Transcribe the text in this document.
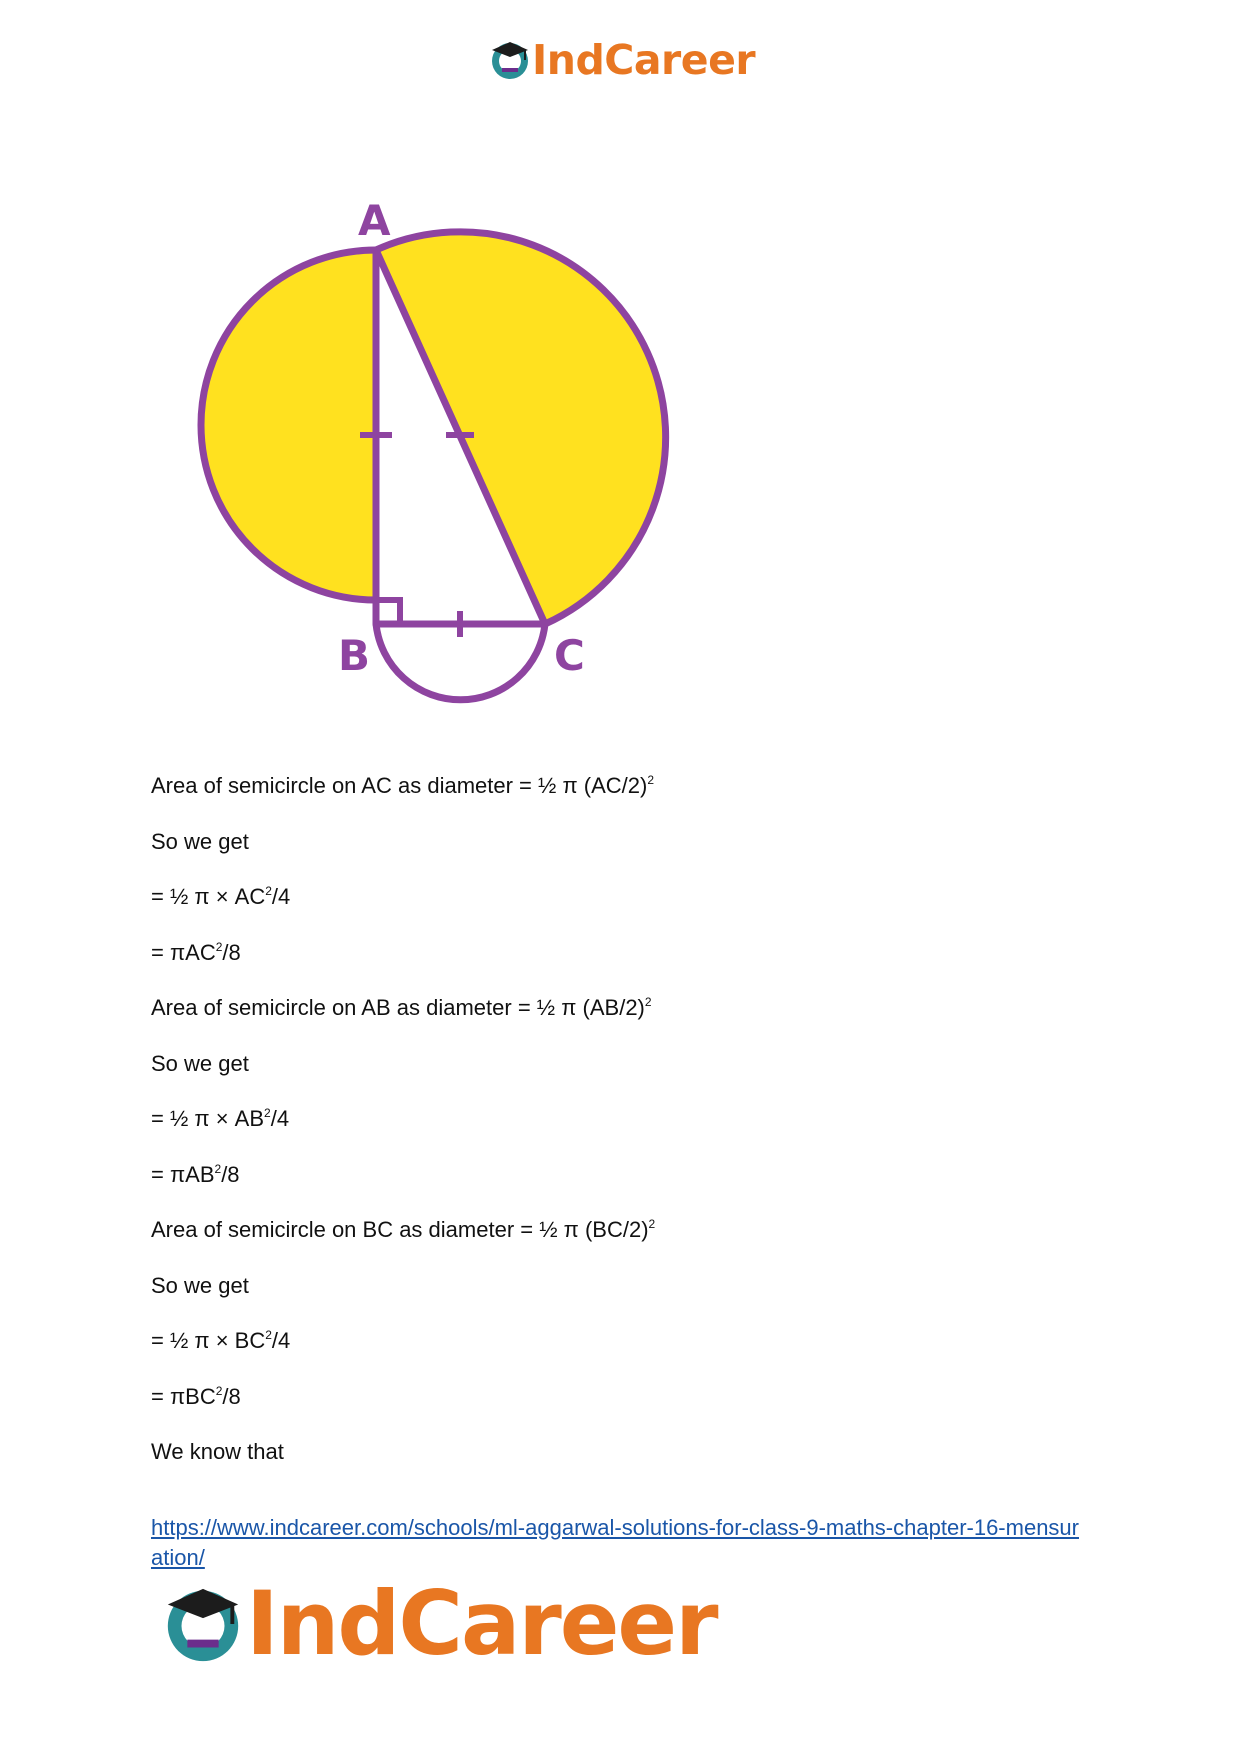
IndCareer
A
B	C
Area of semicircle on AC as diameter = ½ π $(AC/2)^2$
So we get
= ½ $\pi \times AC^2/4$
= πAC$^2$/8
Area of semicircle on AB as diameter = ½ π $(AB/2)^2$
So we get
= ½ $\pi \times AB^2/4$
= πAB$^2$/8
Area of semicircle on BC as diameter = ½ π $(BC/2)^2$
So we get
= ½ $\pi \times BC^2/4$
= πBC$^2$/8
We know that
https://www.indcareer.com/schools/ml-aggarwal-solutions-for-class-9-maths-chapter-16-mensuration/
IndCareer
